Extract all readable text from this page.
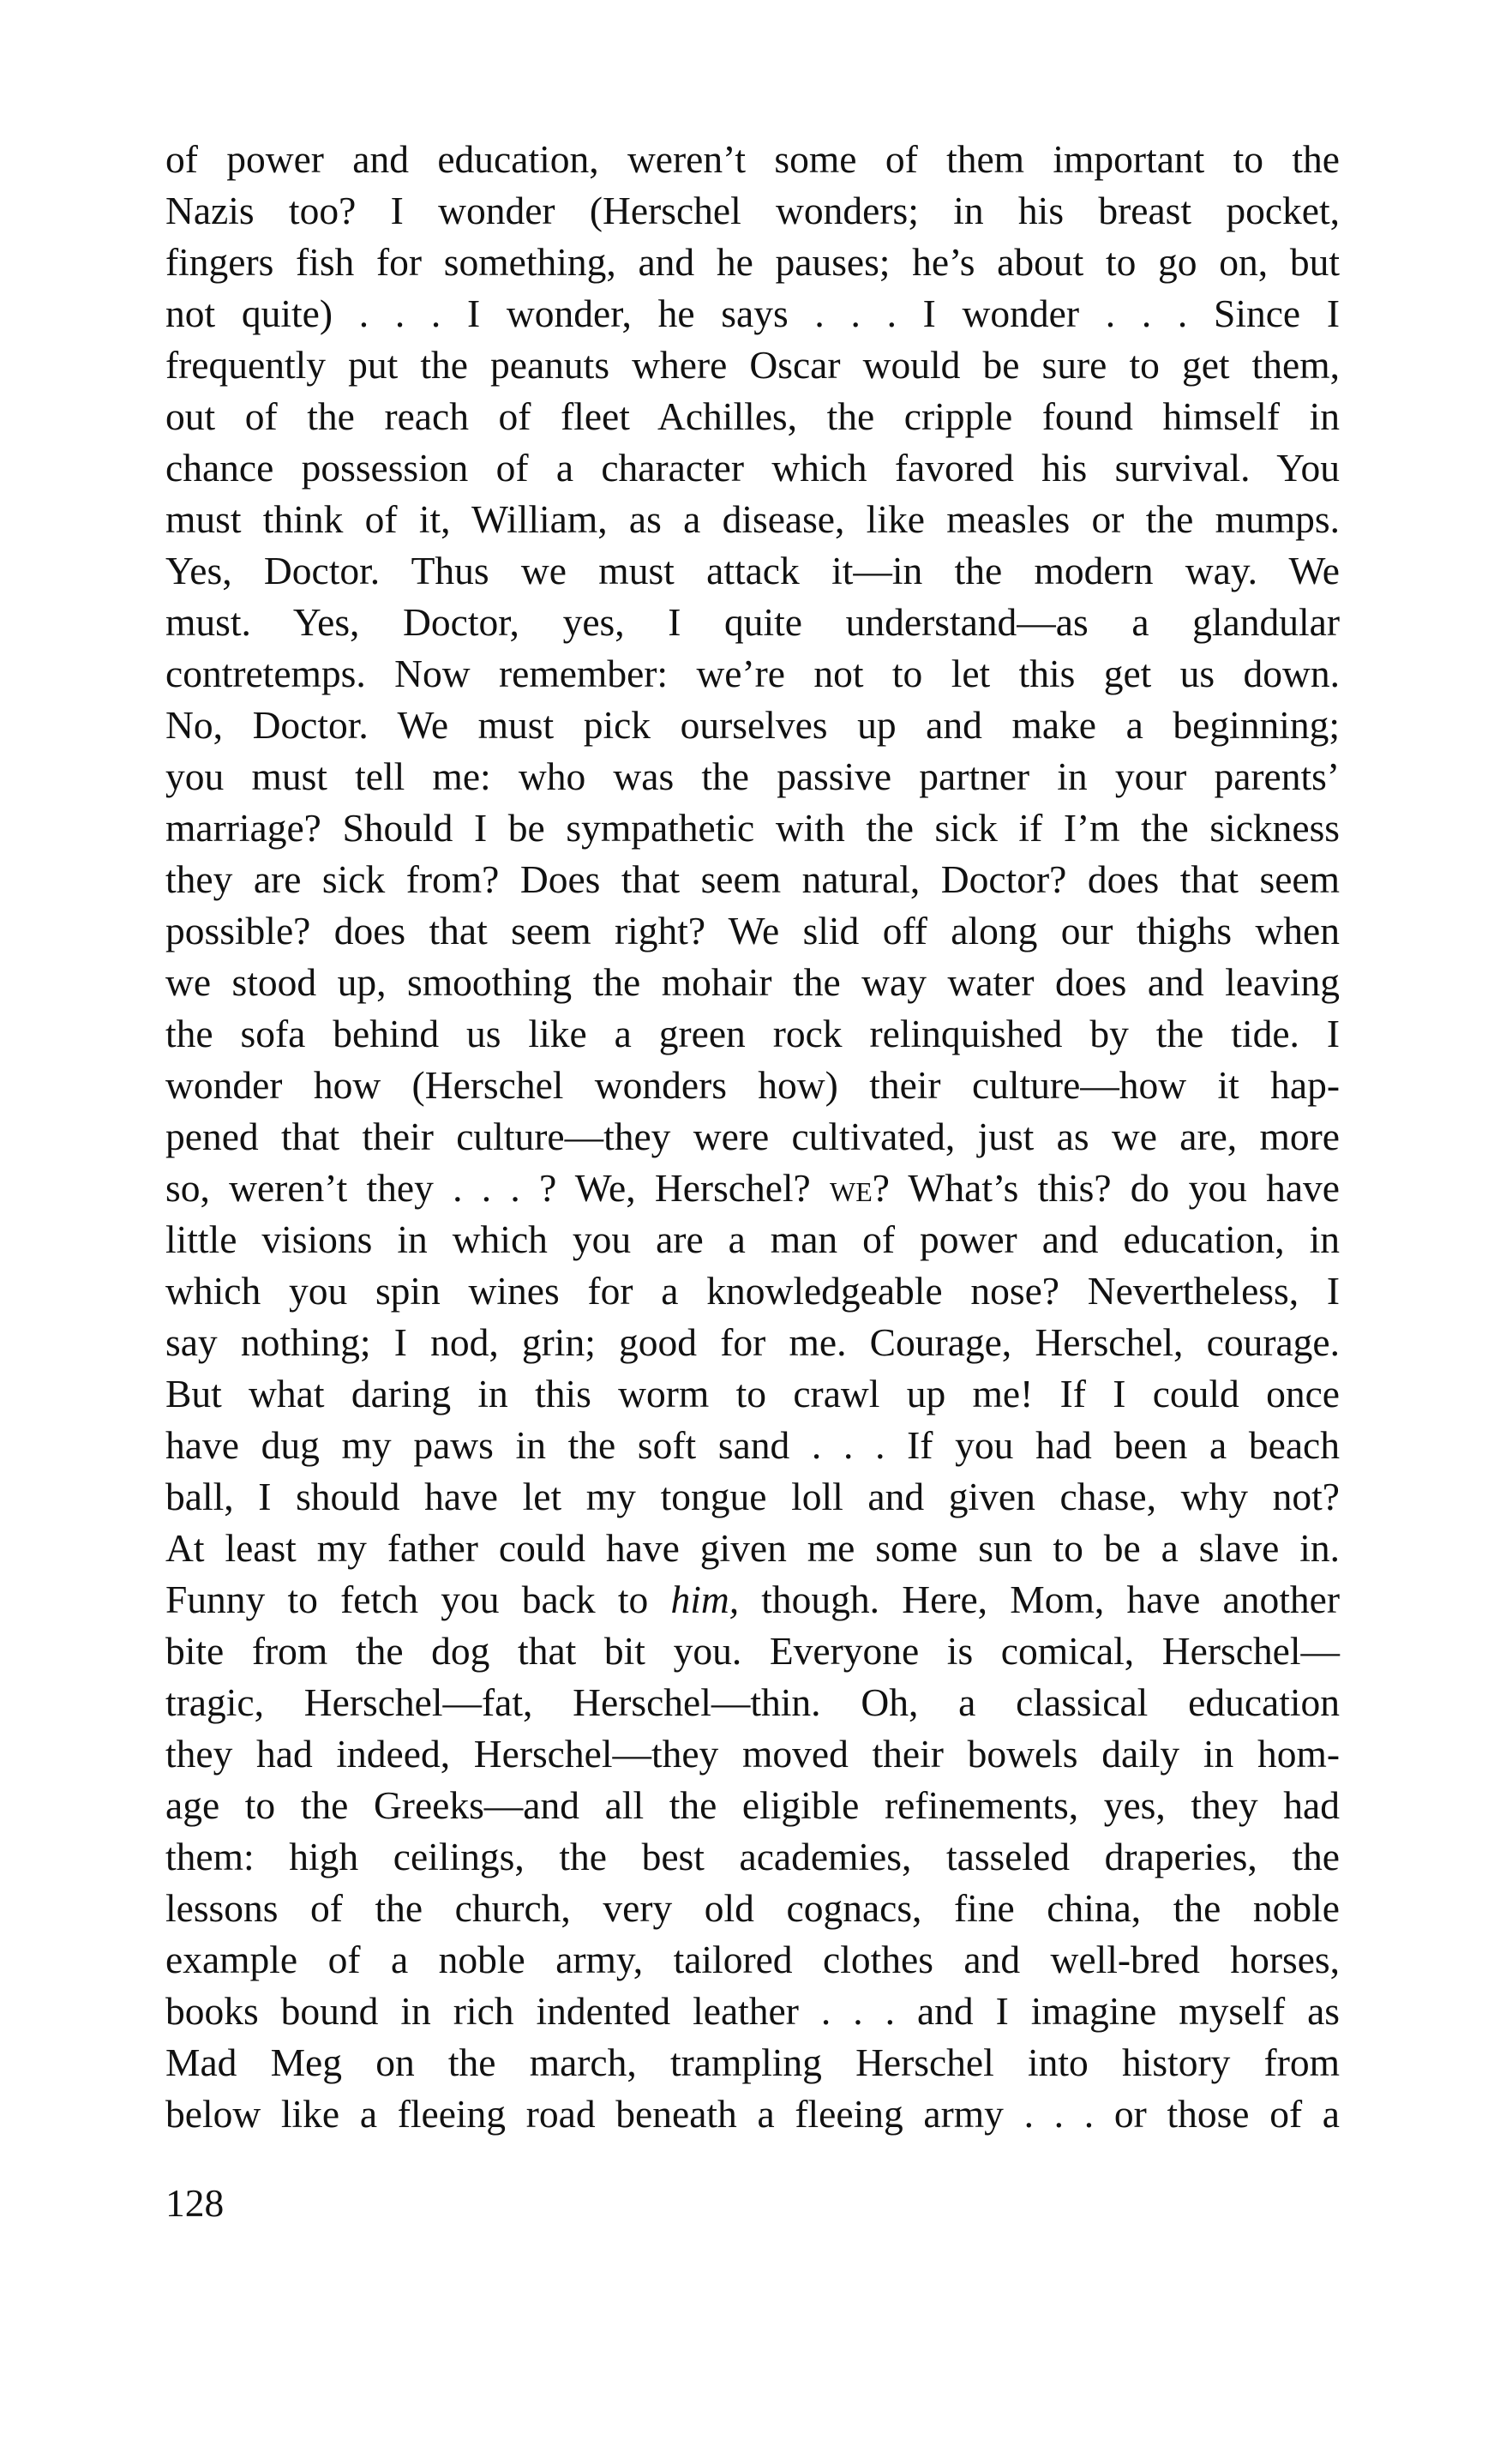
of power and education, weren’t some of them important to the
Nazis too? I wonder (Herschel wonders; in his breast pocket,
fingers fish for something, and he pauses; he’s about to go on, but
not quite) . . . I wonder, he says . . . I wonder . . . Since I
frequently put the peanuts where Oscar would be sure to get them,
out of the reach of fleet Achilles, the cripple found himself in
chance possession of a character which favored his survival. You
must think of it, William, as a disease, like measles or the mumps.
Yes, Doctor. Thus we must attack it—in the modern way. We
must. Yes, Doctor, yes, I quite understand—as a glandular
contretemps. Now remember: we’re not to let this get us down.
No, Doctor. We must pick ourselves up and make a beginning;
you must tell me: who was the passive partner in your parents’
marriage? Should I be sympathetic with the sick if I’m the sickness
they are sick from? Does that seem natural, Doctor? does that seem
possible? does that seem right? We slid off along our thighs when
we stood up, smoothing the mohair the way water does and leaving
the sofa behind us like a green rock relinquished by the tide. I
wonder how (Herschel wonders how) their culture—how it hap-
pened that their culture—they were cultivated, just as we are, more
so, weren’t they . . . ? We, Herschel? we? What’s this? do you have
little visions in which you are a man of power and education, in
which you spin wines for a knowledgeable nose? Nevertheless, I
say nothing; I nod, grin; good for me. Courage, Herschel, courage.
But what daring in this worm to crawl up me! If I could once
have dug my paws in the soft sand . . . If you had been a beach
ball, I should have let my tongue loll and given chase, why not?
At least my father could have given me some sun to be a slave in.
Funny to fetch you back to him, though. Here, Mom, have another
bite from the dog that bit you. Everyone is comical, Herschel—
tragic, Herschel—fat, Herschel—thin. Oh, a classical education
they had indeed, Herschel—they moved their bowels daily in hom-
age to the Greeks—and all the eligible refinements, yes, they had
them: high ceilings, the best academies, tasseled draperies, the
lessons of the church, very old cognacs, fine china, the noble
example of a noble army, tailored clothes and well-bred horses,
books bound in rich indented leather . . . and I imagine myself as
Mad Meg on the march, trampling Herschel into history from
below like a fleeing road beneath a fleeing army . . . or those of a
128
